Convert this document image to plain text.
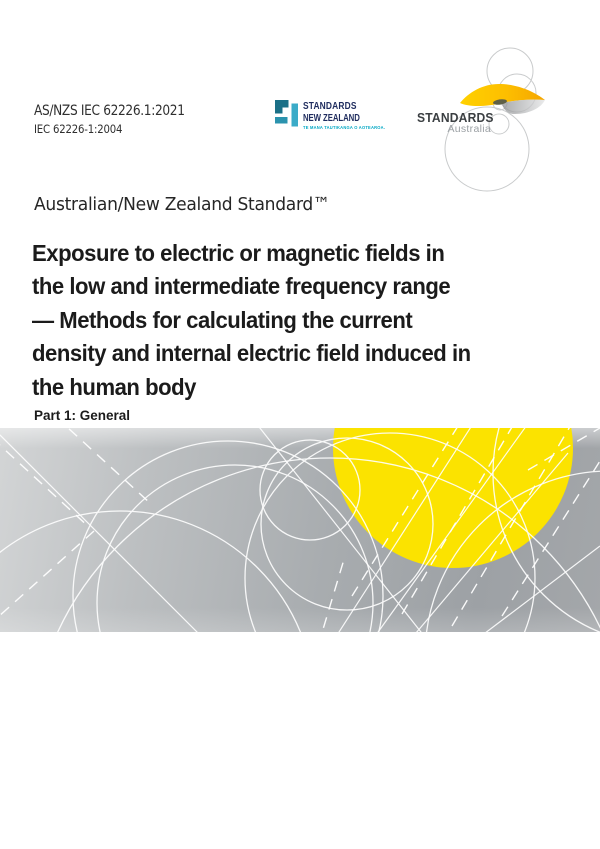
AS/NZS IEC 62226.1:2021
IEC 62226-1:2004
STANDARDS
NEW ZEALAND
TE MANA TAUTIKANGA O AOTEAROA.
STANDARDS
Australia
Australian/New Zealand Standard™
Exposure to electric or magnetic fields in
the low and intermediate frequency range
— Methods for calculating the current
density and internal electric field induced in
the human body
Part 1: General
